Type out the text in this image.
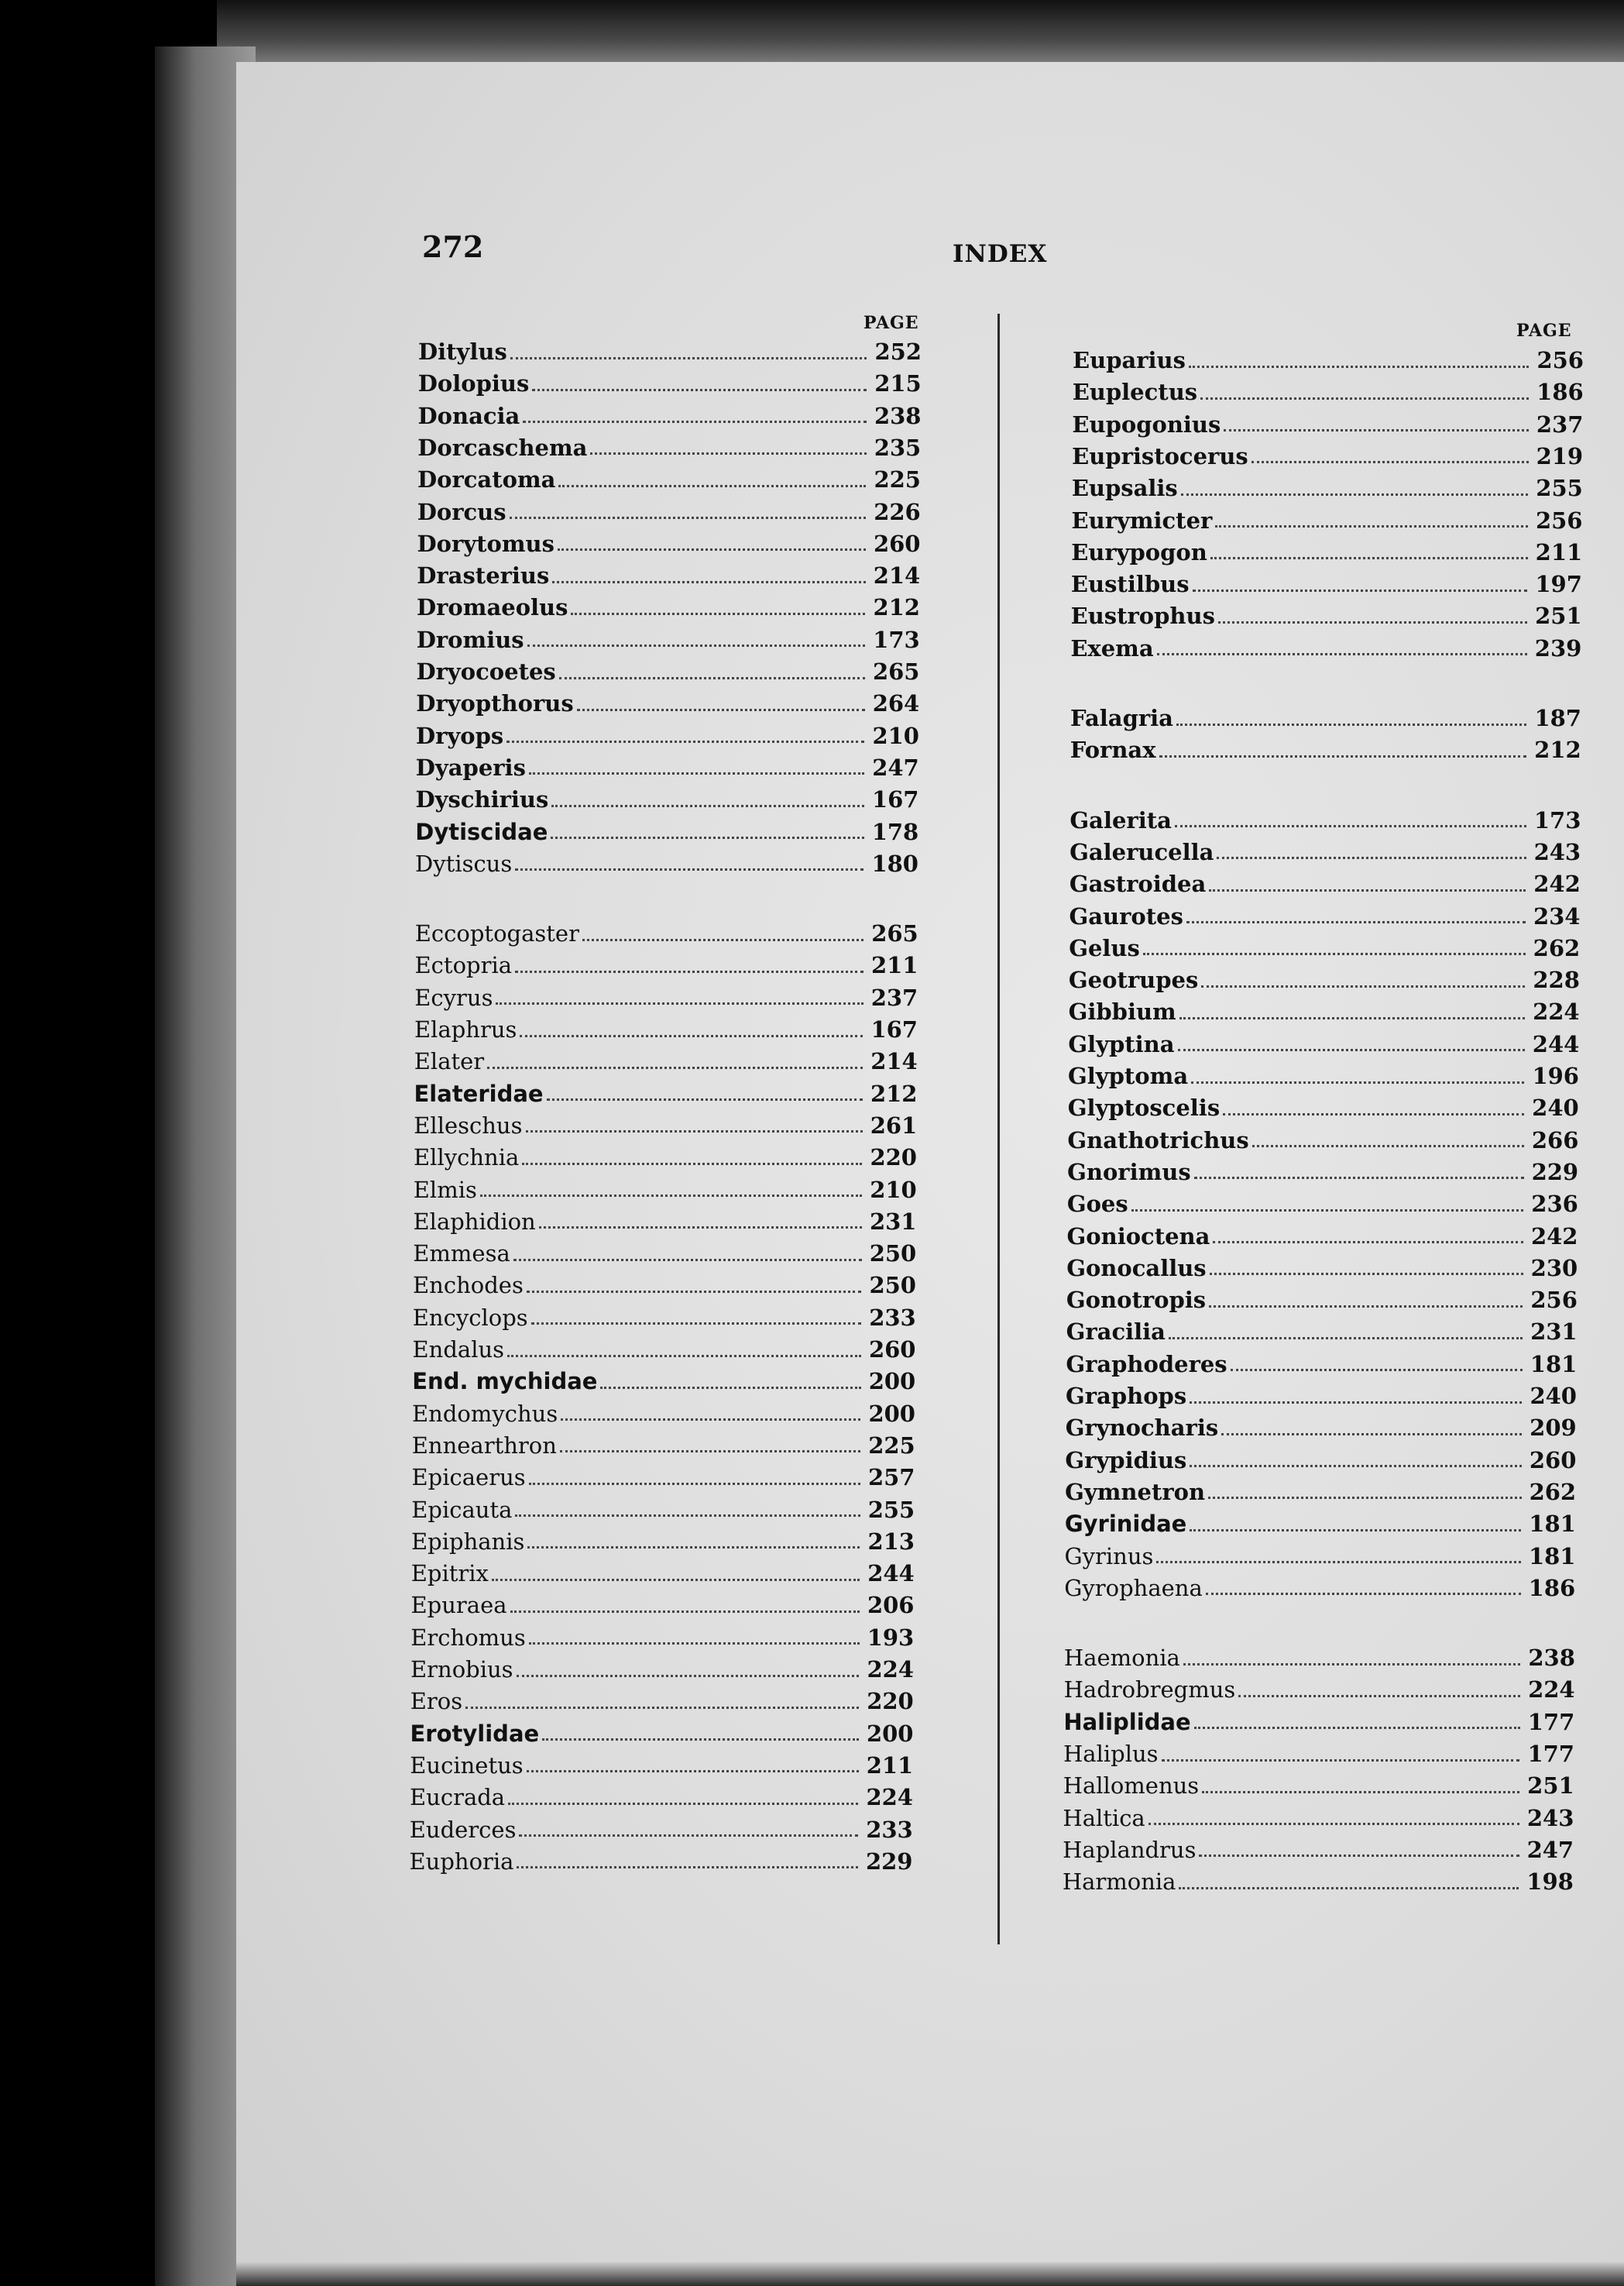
272	INDEX
PAGE	PAGE
Ditylus	252
Dolopius	215
Donacia	238
Dorcaschema	235
Dorcatoma	225
Dorcus	226
Dorytomus	260
Drasterius	214
Dromaeolus	212
Dromius	173
Dryocoetes	265
Dryopthorus	264
Dryops	210
Dyaperis	247
Dyschirius	167
Dytiscidae	178
Dytiscus	180
Eccoptogaster	265
Ectopria	211
Ecyrus	237
Elaphrus	167
Elater	214
Elateridae	212
Elleschus	261
Ellychnia	220
Elmis	210
Elaphidion	231
Emmesa	250
Enchodes	250
Encyclops	233
Endalus	260
End. mychidae	200
Endomychus	200
Ennearthron	225
Epicaerus	257
Epicauta	255
Epiphanis	213
Epitrix	244
Epuraea	206
Erchomus	193
Ernobius	224
Eros	220
Erotylidae	200
Eucinetus	211
Eucrada	224
Euderces	233
Euphoria	229
Euparius	256
Euplectus	186
Eupogonius	237
Eupristocerus	219
Eupsalis	255
Eurymicter	256
Eurypogon	211
Eustilbus	197
Eustrophus	251
Exema	239
Falagria	187
Fornax	212
Galerita	173
Galerucella	243
Gastroidea	242
Gaurotes	234
Gelus	262
Geotrupes	228
Gibbium	224
Glyptina	244
Glyptoma	196
Glyptoscelis	240
Gnathotrichus	266
Gnorimus	229
Goes	236
Gonioctena	242
Gonocallus	230
Gonotropis	256
Gracilia	231
Graphoderes	181
Graphops	240
Grynocharis	209
Grypidius	260
Gymnetron	262
Gyrinidae	181
Gyrinus	181
Gyrophaena	186
Haemonia	238
Hadrobregmus	224
Haliplidae	177
Haliplus	177
Hallomenus	251
Haltica	243
Haplandrus	247
Harmonia	198
